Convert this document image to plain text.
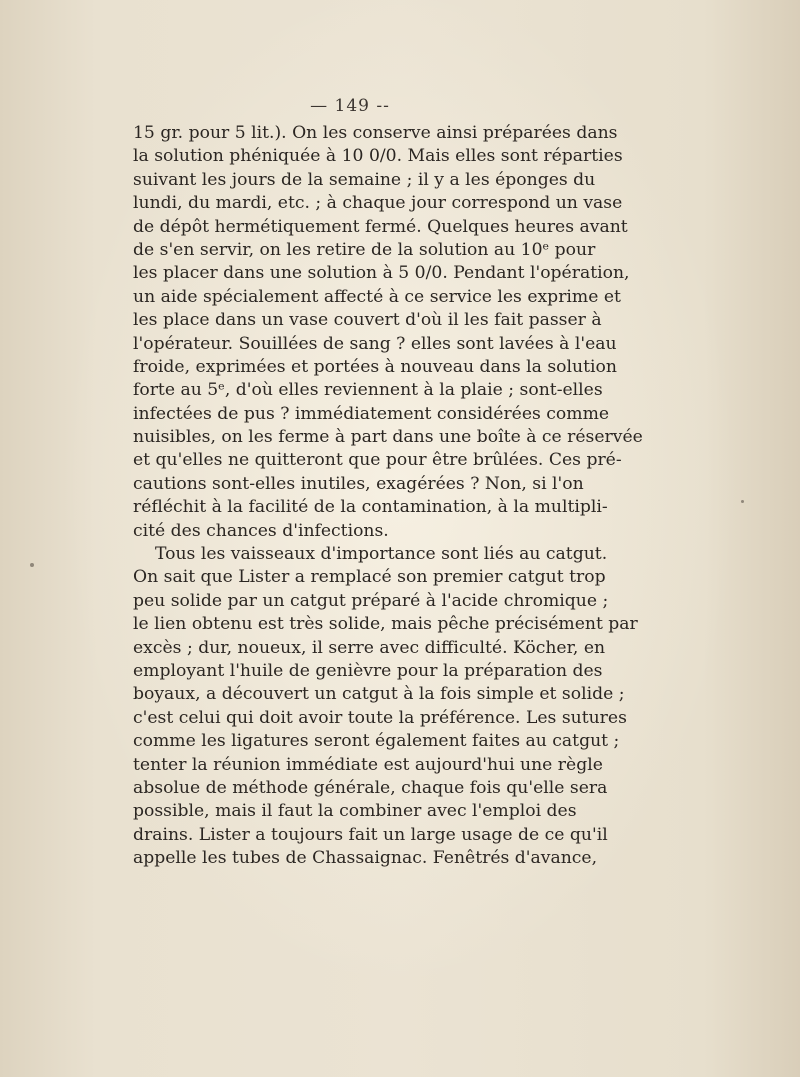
— 149 --
15 gr. pour 5 lit.). On les conserve ainsi préparées dans
la solution phéniquée à 10 0/0. Mais elles sont réparties
suivant les jours de la semaine ; il y a les éponges du
lundi, du mardi, etc. ; à chaque jour correspond un vase
de dépôt hermétiquement fermé. Quelques heures avant
de s'en servir, on les retire de la solution au 10ᵉ pour
les placer dans une solution à 5 0/0. Pendant l'opération,
un aide spécialement affecté à ce service les exprime et
les place dans un vase couvert d'où il les fait passer à
l'opérateur. Souillées de sang ? elles sont lavées à l'eau
froide, exprimées et portées à nouveau dans la solution
forte au 5ᵉ, d'où elles reviennent à la plaie ; sont-elles
infectées de pus ? immédiatement considérées comme
nuisibles, on les ferme à part dans une boîte à ce réservée
et qu'elles ne quitteront que pour être brûlées. Ces pré-
cautions sont-elles inutiles, exagérées ? Non, si l'on
réfléchit à la facilité de la contamination, à la multipli-
cité des chances d'infections.
Tous les vaisseaux d'importance sont liés au catgut.
On sait que Lister a remplacé son premier catgut trop
peu solide par un catgut préparé à l'acide chromique ;
le lien obtenu est très solide, mais pêche précisément par
excès ; dur, noueux, il serre avec difficulté. Köcher, en
employant l'huile de genièvre pour la préparation des
boyaux, a découvert un catgut à la fois simple et solide ;
c'est celui qui doit avoir toute la préférence. Les sutures
comme les ligatures seront également faites au catgut ;
tenter la réunion immédiate est aujourd'hui une règle
absolue de méthode générale, chaque fois qu'elle sera
possible, mais il faut la combiner avec l'emploi des
drains. Lister a toujours fait un large usage de ce qu'il
appelle les tubes de Chassaignac. Fenêtrés d'avance,
